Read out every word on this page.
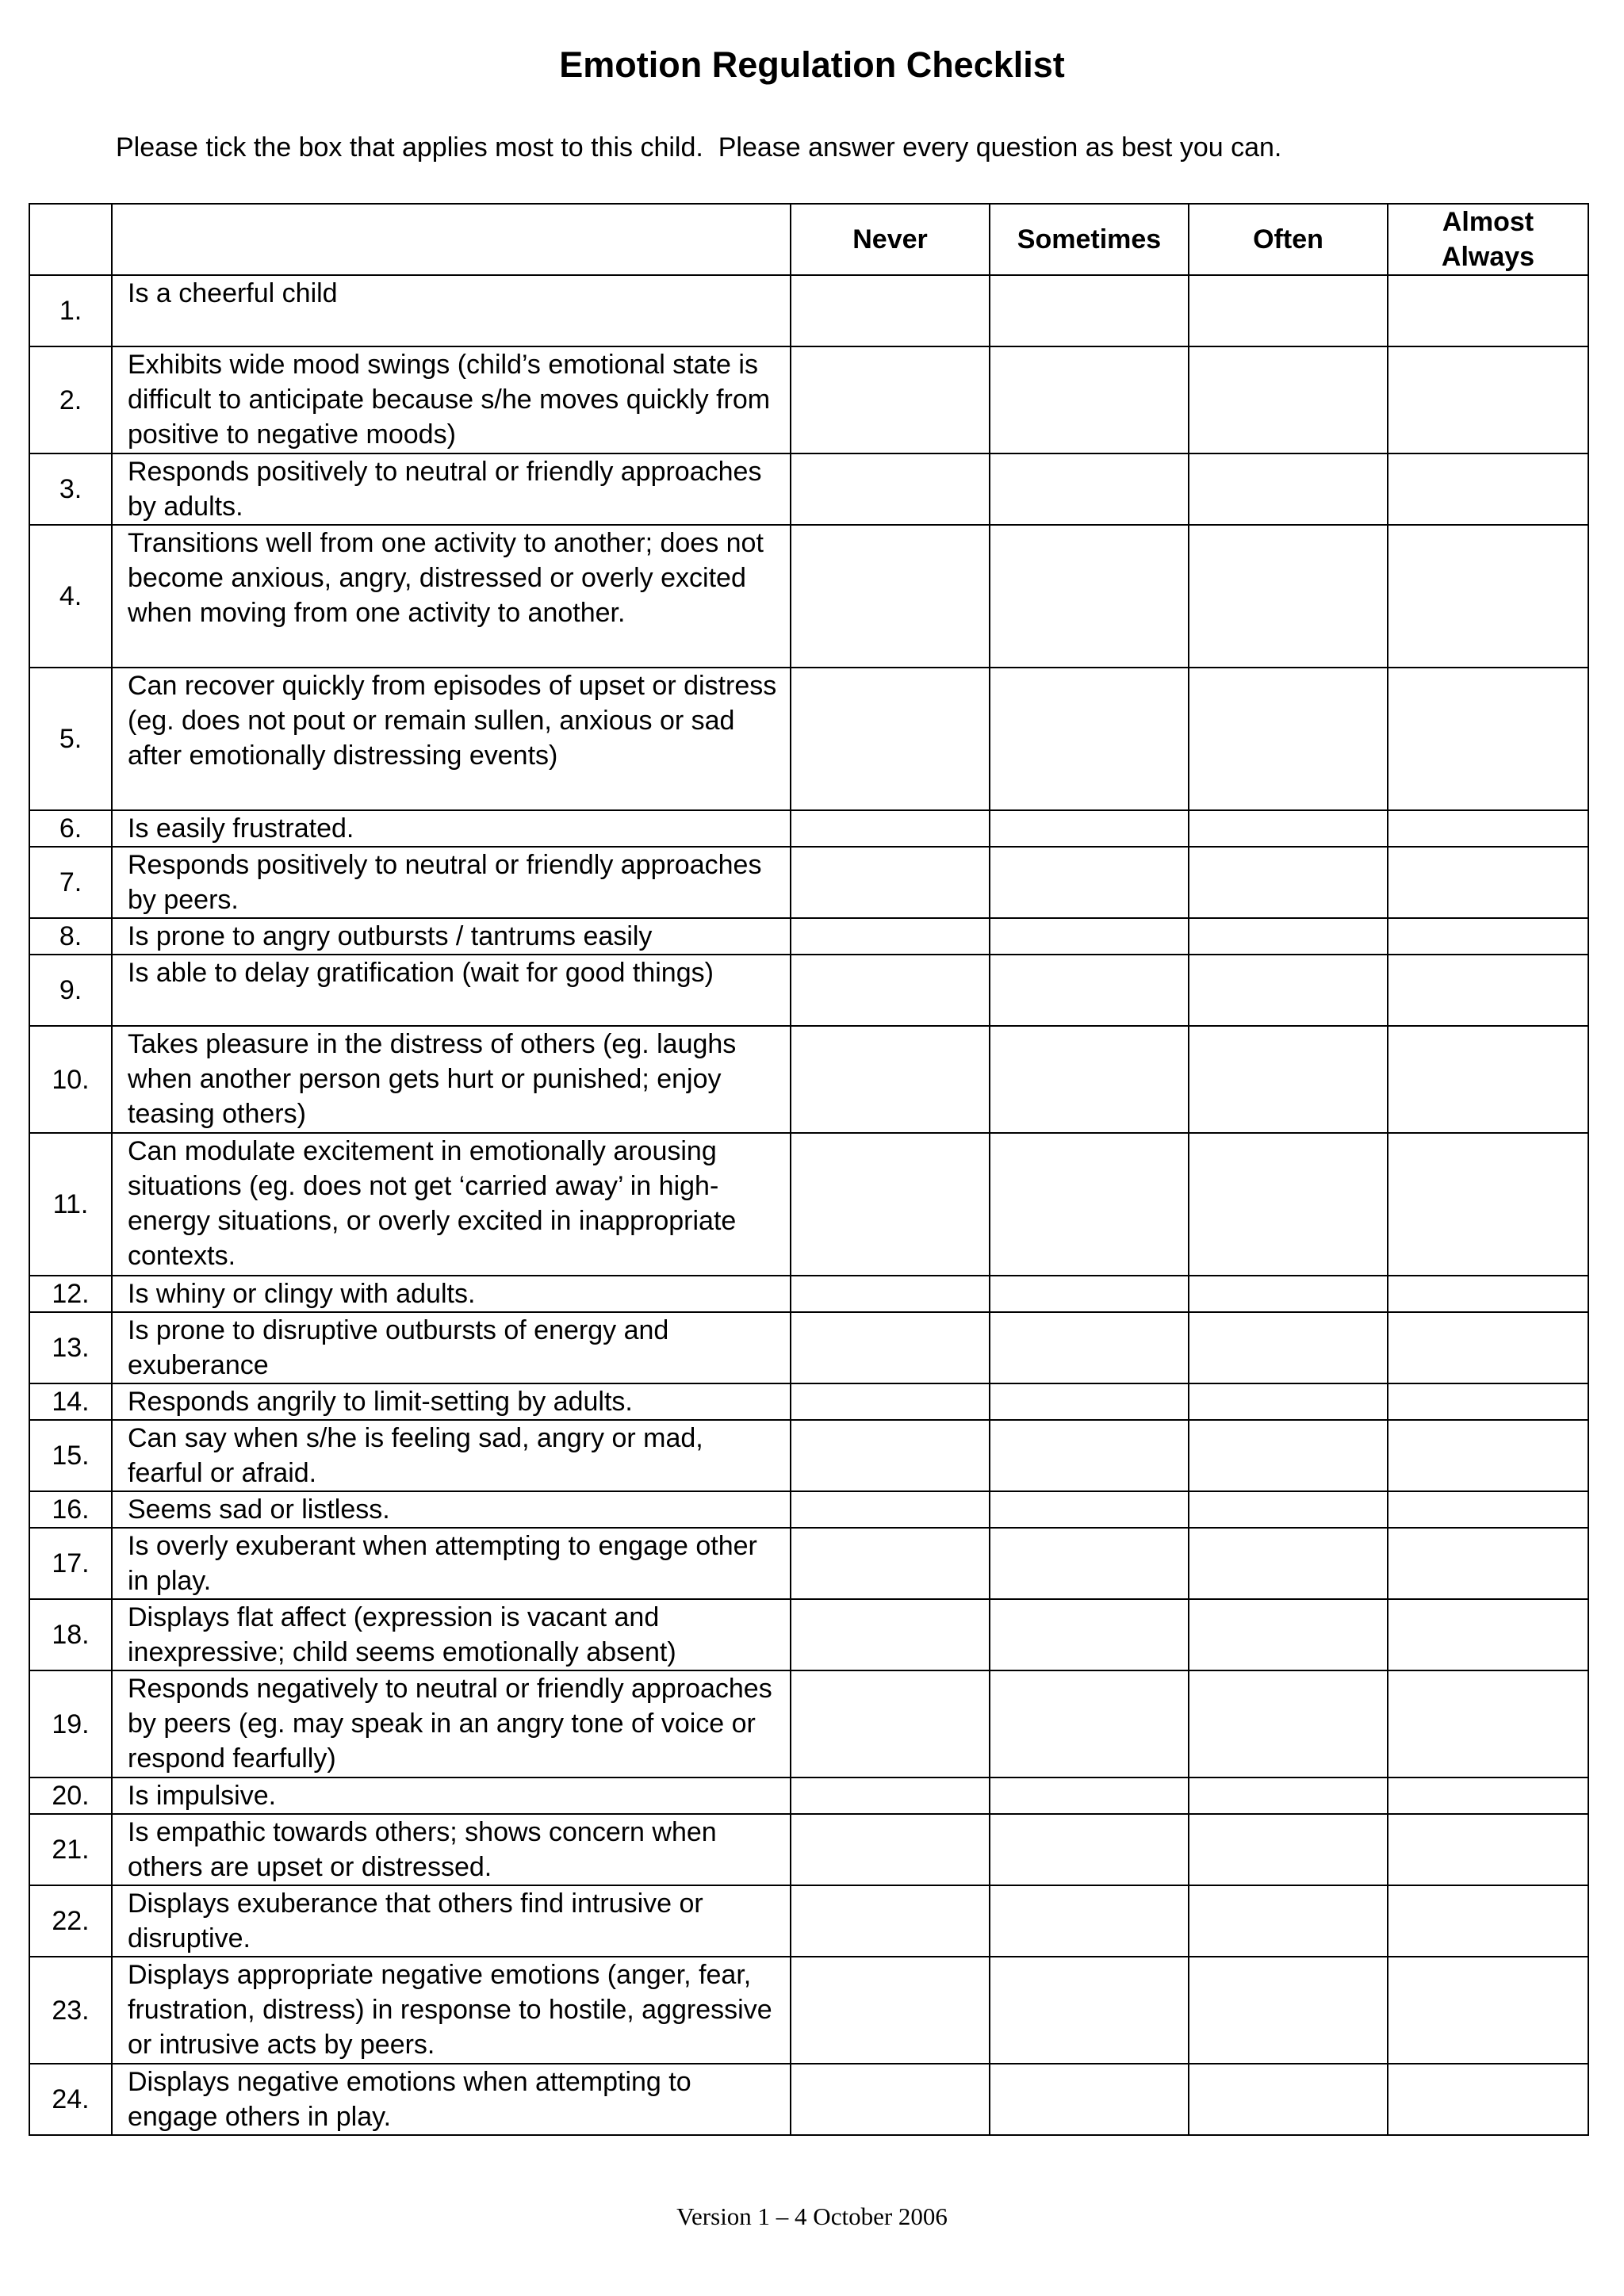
Emotion Regulation Checklist
Please tick the box that applies most to this child.  Please answer every question as best you can.
		Never	Sometimes	Often	Almost Always
1.	Is a cheerful child				
2.	Exhibits wide mood swings (child’s emotional state is difficult to anticipate because s/he moves quickly from positive to negative moods)				
3.	Responds positively to neutral or friendly approaches by adults.				
4.	Transitions well from one activity to another; does not become anxious, angry, distressed or overly excited when moving from one activity to another.				
5.	Can recover quickly from episodes of upset or distress (eg. does not pout or remain sullen, anxious or sad after emotionally distressing events)				
6.	Is easily frustrated.				
7.	Responds positively to neutral or friendly approaches by peers.				
8.	Is prone to angry outbursts / tantrums easily				
9.	Is able to delay gratification (wait for good things)				
10.	Takes pleasure in the distress of others (eg. laughs when another person gets hurt or punished; enjoy teasing others)				
11.	Can modulate excitement in emotionally arousing situations (eg. does not get ‘carried away’ in high-energy situations, or overly excited in inappropriate contexts.				
12.	Is whiny or clingy with adults.				
13.	Is prone to disruptive outbursts of energy and exuberance				
14.	Responds angrily to limit-setting by adults.				
15.	Can say when s/he is feeling sad, angry or mad, fearful or afraid.				
16.	Seems sad or listless.				
17.	Is overly exuberant when attempting to engage other in play.				
18.	Displays flat affect (expression is vacant and inexpressive; child seems emotionally absent)				
19.	Responds negatively to neutral or friendly approaches by peers (eg. may speak in an angry tone of voice or respond fearfully)				
20.	Is impulsive.				
21.	Is empathic towards others; shows concern when others are upset or distressed.				
22.	Displays exuberance that others find intrusive or disruptive.				
23.	Displays appropriate negative emotions (anger, fear, frustration, distress) in response to hostile, aggressive or intrusive acts by peers.				
24.	Displays negative emotions when attempting to engage others in play.				
Version 1 – 4 October 2006
